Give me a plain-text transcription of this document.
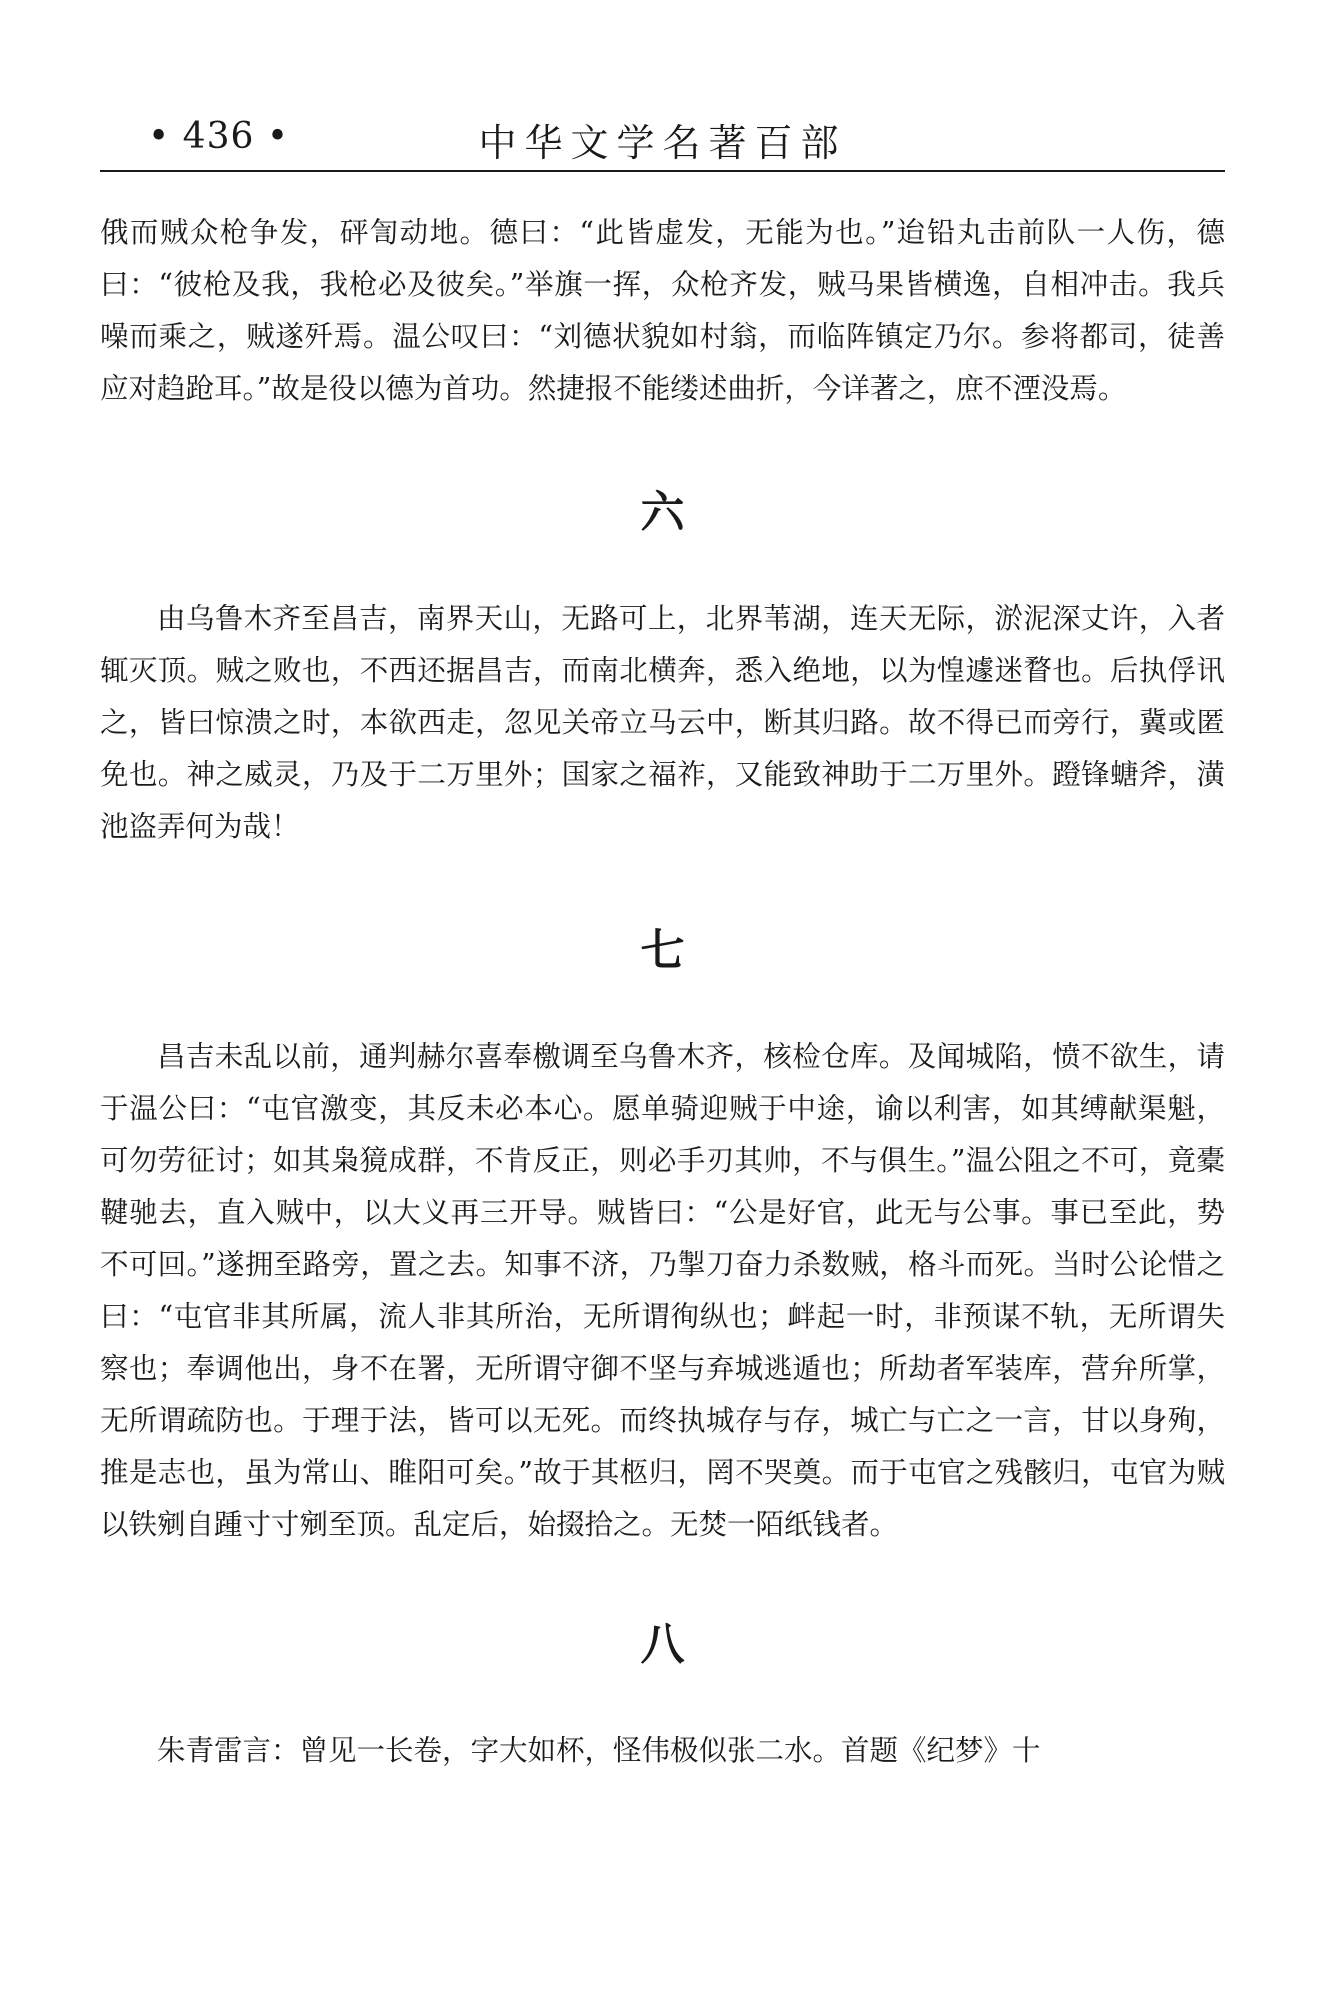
中华文学名著百部
• 436 •

俄而贼众枪争发，砰訇动地。德曰：“此皆虚发，无能为也。”迨铅丸击前队一人伤，德曰：“彼枪及我，我枪必及彼矣。”举旗一挥，众枪齐发，贼马果皆横逸，自相冲击。我兵噪而乘之，贼遂歼焉。温公叹曰：“刘德状貌如村翁，而临阵镇定乃尔。参将都司，徒善应对趋跄耳。”故是役以德为首功。然捷报不能缕述曲折，今详著之，庶不湮没焉。

六

由乌鲁木齐至昌吉，南界天山，无路可上，北界苇湖，连天无际，淤泥深丈许，入者辄灭顶。贼之败也，不西还据昌吉，而南北横奔，悉入绝地，以为惶遽迷瞀也。后执俘讯之，皆曰惊溃之时，本欲西走，忽见关帝立马云中，断其归路。故不得已而旁行，冀或匿免也。神之威灵，乃及于二万里外；国家之福祚，又能致神助于二万里外。蹬锋螗斧，潢池盗弄何为哉！

七

昌吉未乱以前，通判赫尔喜奉檄调至乌鲁木齐，核检仓库。及闻城陷，愤不欲生，请于温公曰：“屯官激变，其反未必本心。愿单骑迎贼于中途，谕以利害，如其缚献渠魁，可勿劳征讨；如其枭獍成群，不肯反正，则必手刃其帅，不与俱生。”温公阻之不可，竟橐鞬驰去，直入贼中，以大义再三开导。贼皆曰：“公是好官，此无与公事。事已至此，势不可回。”遂拥至路旁，置之去。知事不济，乃掣刀奋力杀数贼，格斗而死。当时公论惜之曰：“屯官非其所属，流人非其所治，无所谓徇纵也；衅起一时，非预谋不轨，无所谓失察也；奉调他出，身不在署，无所谓守御不坚与弃城逃遁也；所劫者军装库，营弁所掌，无所谓疏防也。于理于法，皆可以无死。而终执城存与存，城亡与亡之一言，甘以身殉，推是志也，虽为常山、睢阳可矣。”故于其柩归，罔不哭奠。而于屯官之残骸归，屯官为贼以铁剜自踵寸寸剜至顶。乱定后，始掇拾之。无焚一陌纸钱者。

八

朱青雷言：曾见一长卷，字大如杯，怪伟极似张二水。首题《纪梦》十
